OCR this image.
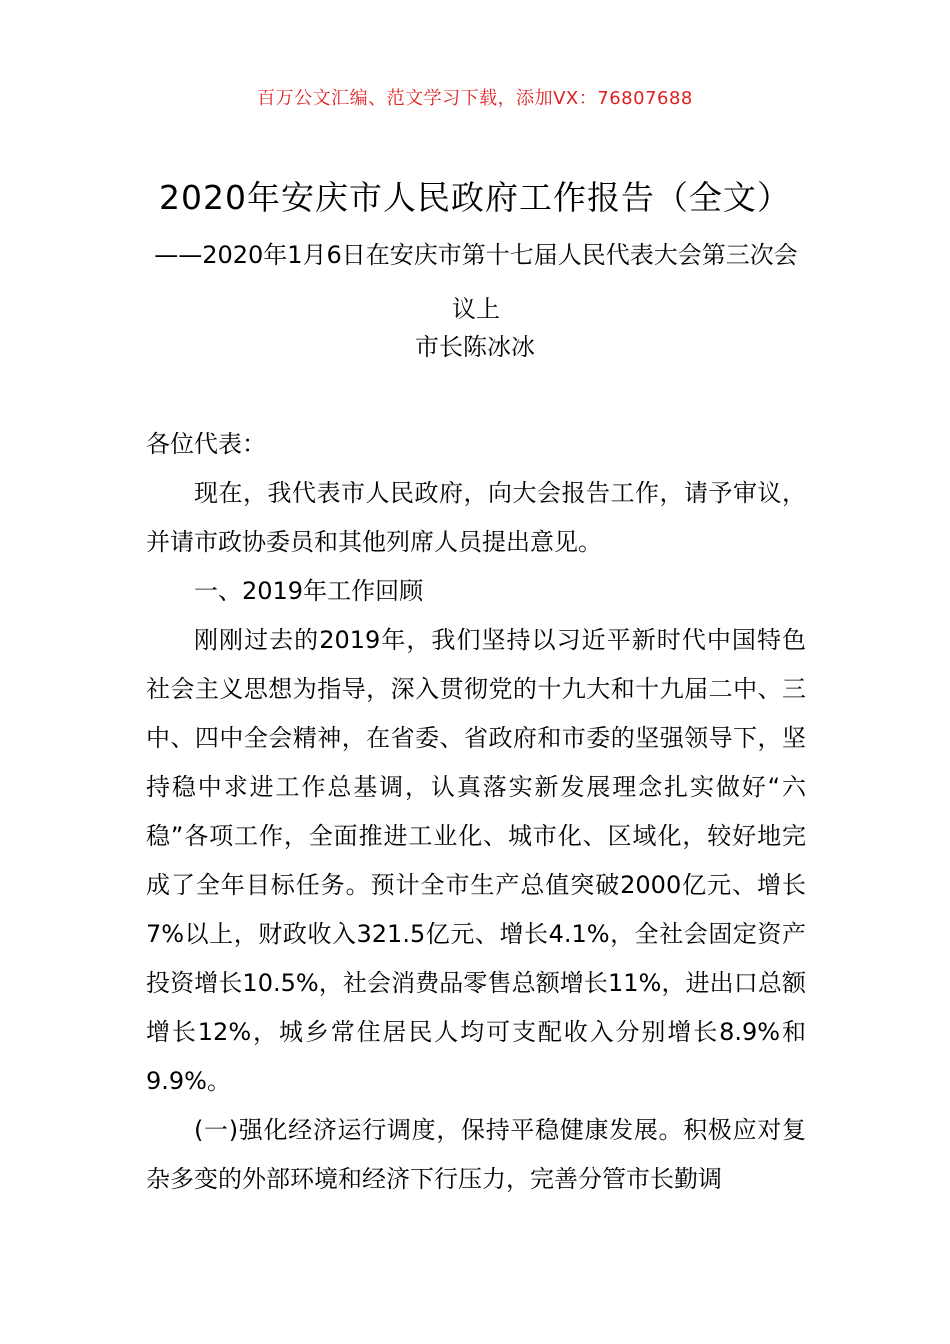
百万公文汇编、范文学习下载，添加VX：76807688
2020年安庆市人民政府工作报告（全文）
——2020年1月6日在安庆市第十七届人民代表大会第三次会议上
市长陈冰冰

各位代表：

现在，我代表市人民政府，向大会报告工作，请予审议，并请市政协委员和其他列席人员提出意见。

一、2019年工作回顾

刚刚过去的2019年，我们坚持以习近平新时代中国特色社会主义思想为指导，深入贯彻党的十九大和十九届二中、三中、四中全会精神，在省委、省政府和市委的坚强领导下，坚持稳中求进工作总基调，认真落实新发展理念扎实做好“六稳”各项工作，全面推进工业化、城市化、区域化，较好地完成了全年目标任务。预计全市生产总值突破2000亿元、增长7%以上，财政收入321.5亿元、增长4.1%，全社会固定资产投资增长10.5%，社会消费品零售总额增长11%，进出口总额增长12%，城乡常住居民人均可支配收入分别增长8.9%和9.9%。

(一)强化经济运行调度，保持平稳健康发展。积极应对复杂多变的外部环境和经济下行压力，完善分管市长勤调
